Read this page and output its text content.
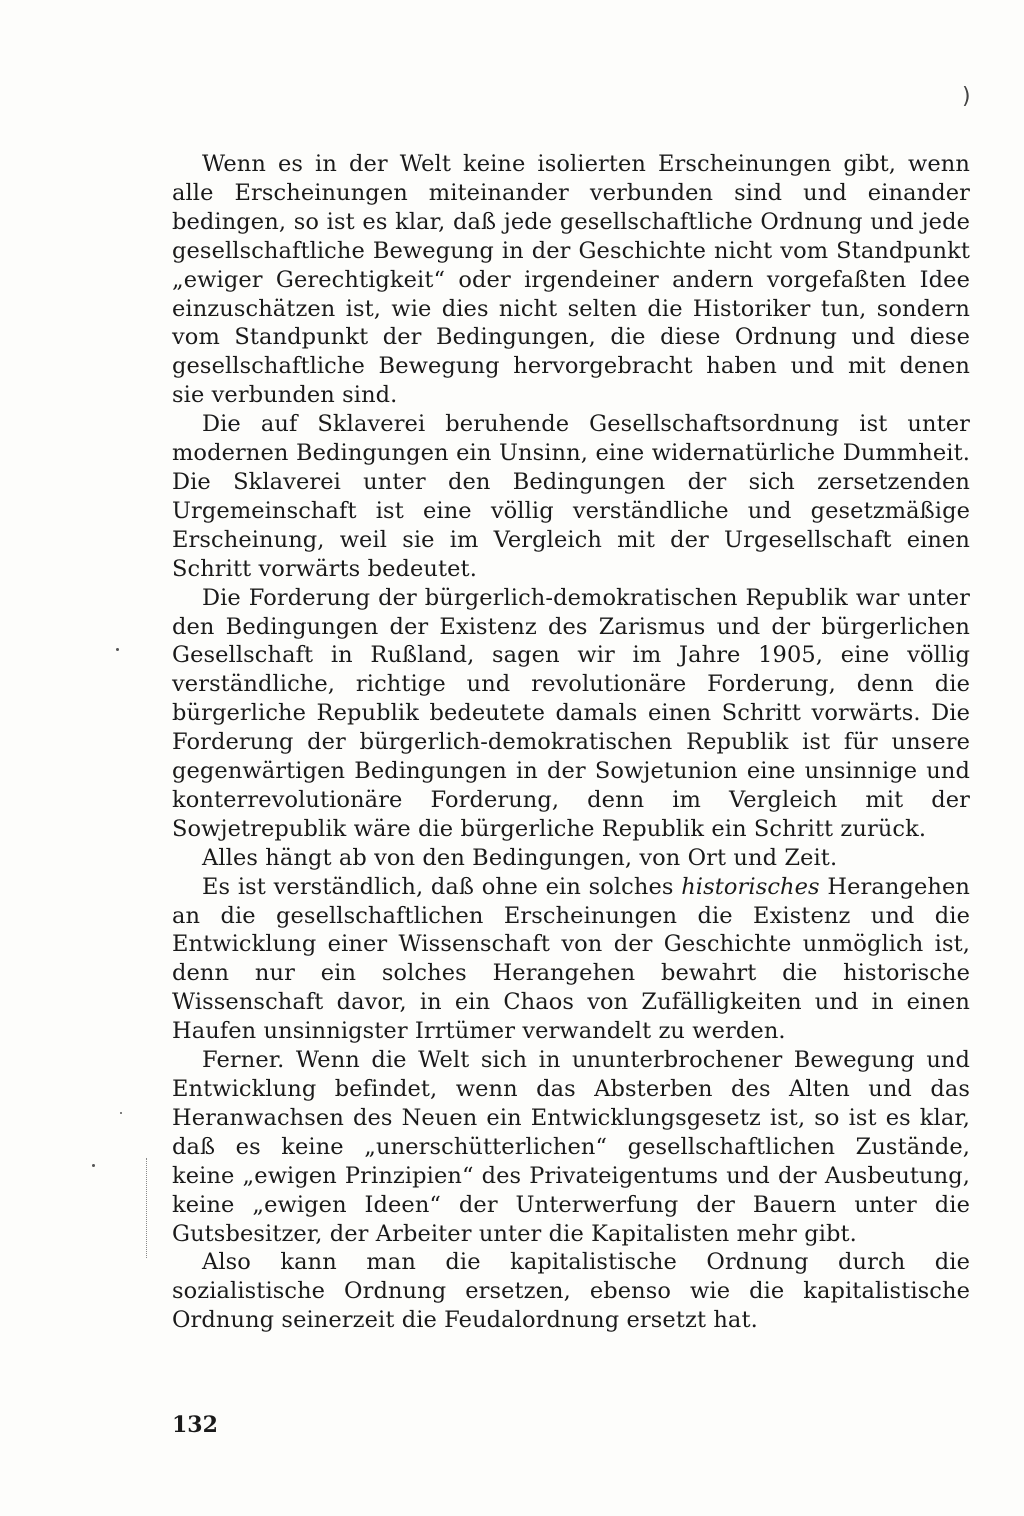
)

Wenn es in der Welt keine isolierten Erscheinungen gibt, wenn alle Erscheinungen miteinander verbunden sind und einander bedingen, so ist es klar, daß jede gesellschaftliche Ordnung und jede gesellschaftliche Bewegung in der Geschichte nicht vom Standpunkt „ewiger Gerechtigkeit“ oder irgendeiner andern vorgefaßten Idee einzuschätzen ist, wie dies nicht selten die Historiker tun, sondern vom Standpunkt der Bedingungen, die diese Ordnung und diese gesellschaftliche Bewegung hervorgebracht haben und mit denen sie verbunden sind.

Die auf Sklaverei beruhende Gesellschaftsordnung ist unter modernen Bedingungen ein Unsinn, eine widernatürliche Dummheit. Die Sklaverei unter den Bedingungen der sich zersetzenden Urgemeinschaft ist eine völlig verständliche und gesetzmäßige Erscheinung, weil sie im Vergleich mit der Urgesellschaft einen Schritt vorwärts bedeutet.

Die Forderung der bürgerlich-demokratischen Republik war unter den Bedingungen der Existenz des Zarismus und der bürgerlichen Gesellschaft in Rußland, sagen wir im Jahre 1905, eine völlig verständliche, richtige und revolutionäre Forderung, denn die bürgerliche Republik bedeutete damals einen Schritt vorwärts. Die Forderung der bürgerlich-demokratischen Republik ist für unsere gegenwärtigen Bedingungen in der Sowjetunion eine unsinnige und konterrevolutionäre Forderung, denn im Vergleich mit der Sowjetrepublik wäre die bürgerliche Republik ein Schritt zurück.

Alles hängt ab von den Bedingungen, von Ort und Zeit.

Es ist verständlich, daß ohne ein solches historisches Herangehen an die gesellschaftlichen Erscheinungen die Existenz und die Entwicklung einer Wissenschaft von der Geschichte unmöglich ist, denn nur ein solches Herangehen bewahrt die historische Wissenschaft davor, in ein Chaos von Zufälligkeiten und in einen Haufen unsinnigster Irrtümer verwandelt zu werden.

Ferner. Wenn die Welt sich in ununterbrochener Bewegung und Entwicklung befindet, wenn das Absterben des Alten und das Heranwachsen des Neuen ein Entwicklungsgesetz ist, so ist es klar, daß es keine „unerschütterlichen“ gesellschaftlichen Zustände, keine „ewigen Prinzipien“ des Privateigentums und der Ausbeutung, keine „ewigen Ideen“ der Unterwerfung der Bauern unter die Gutsbesitzer, der Arbeiter unter die Kapitalisten mehr gibt.

Also kann man die kapitalistische Ordnung durch die sozialistische Ordnung ersetzen, ebenso wie die kapitalistische Ordnung seinerzeit die Feudalordnung ersetzt hat.

132
